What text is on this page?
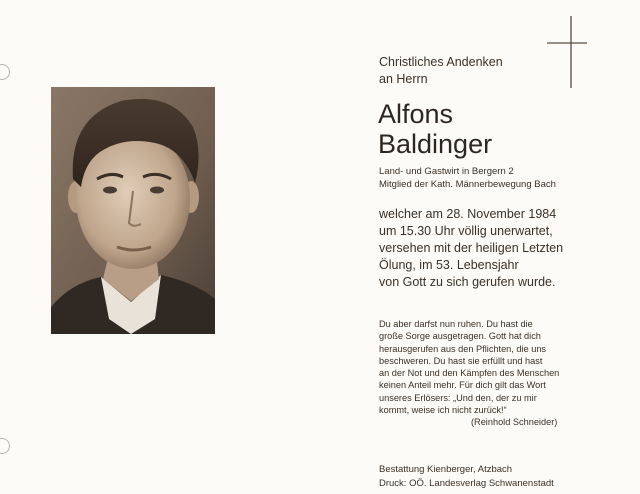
Christliches Andenken
an Herrn
Alfons
Baldinger
Land- und Gastwirt in Bergern 2
Mitglied der Kath. Männerbewegung Bach
welcher am 28. November 1984
um 15.30 Uhr völlig unerwartet,
versehen mit der heiligen Letzten
Ölung, im 53. Lebensjahr
von Gott zu sich gerufen wurde.
Du aber darfst nun ruhen. Du hast die
große Sorge ausgetragen. Gott hat dich
herausgerufen aus den Pflichten, die uns
beschweren. Du hast sie erfüllt und hast
an der Not und den Kämpfen des Menschen
keinen Anteil mehr. Für dich gilt das Wort
unseres Erlösers: „Und den, der zu mir
kommt, weise ich nicht zurück!“
(Reinhold Schneider)
Bestattung Kienberger, Atzbach
Druck: OÖ. Landesverlag Schwanenstadt
